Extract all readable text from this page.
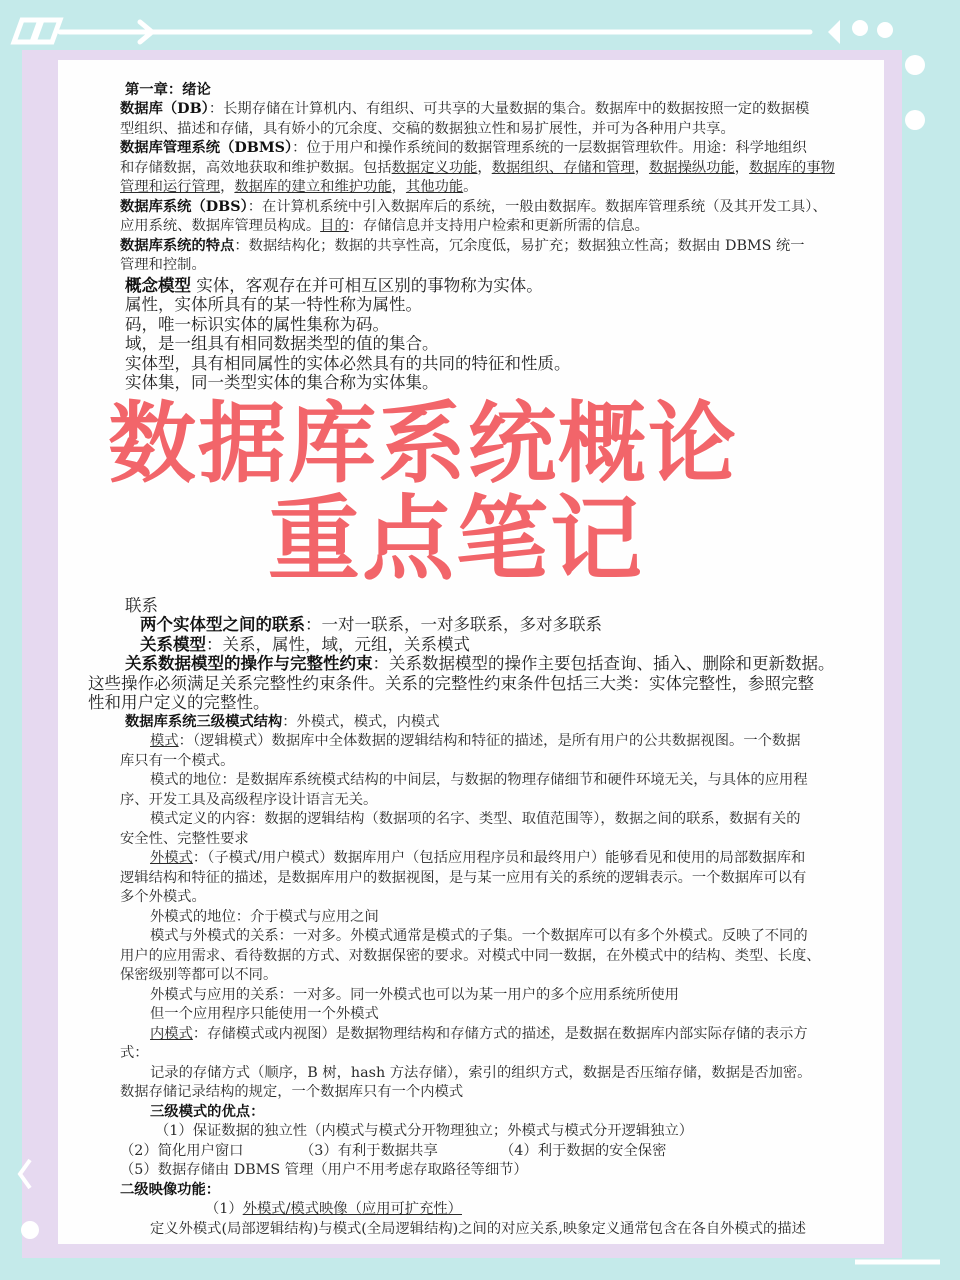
第一章：绪论
数据库（DB）：长期存储在计算机内、有组织、可共享的大量数据的集合。数据库中的数据按照一定的数据模
型组织、描述和存储，具有娇小的冗余度、交稿的数据独立性和易扩展性，并可为各种用户共享。
数据库管理系统（DBMS）：位于用户和操作系统间的数据管理系统的一层数据管理软件。用途：科学地组织
和存储数据，高效地获取和维护数据。包括数据定义功能，数据组织、存储和管理，数据操纵功能，数据库的事物
管理和运行管理，数据库的建立和维护功能，其他功能。
数据库系统（DBS）：在计算机系统中引入数据库后的系统，一般由数据库。数据库管理系统（及其开发工具）、
应用系统、数据库管理员构成。目的：存储信息并支持用户检索和更新所需的信息。
数据库系统的特点：数据结构化；数据的共享性高，冗余度低，易扩充；数据独立性高；数据由 DBMS 统一
管理和控制。
概念模型 实体，客观存在并可相互区别的事物称为实体。
属性，实体所具有的某一特性称为属性。
码，唯一标识实体的属性集称为码。
域，是一组具有相同数据类型的值的集合。
实体型，具有相同属性的实体必然具有的共同的特征和性质。
实体集，同一类型实体的集合称为实体集。
联系
两个实体型之间的联系：一对一联系，一对多联系，多对多联系
关系模型：关系，属性，域，元组，关系模式
关系数据模型的操作与完整性约束：关系数据模型的操作主要包括查询、插入、删除和更新数据。
这些操作必须满足关系完整性约束条件。关系的完整性约束条件包括三大类：实体完整性，参照完整
性和用户定义的完整性。
数据库系统三级模式结构：外模式，模式，内模式
模式：（逻辑模式）数据库中全体数据的逻辑结构和特征的描述，是所有用户的公共数据视图。一个数据
库只有一个模式。
模式的地位：是数据库系统模式结构的中间层，与数据的物理存储细节和硬件环境无关，与具体的应用程
序、开发工具及高级程序设计语言无关。
模式定义的内容：数据的逻辑结构（数据项的名字、类型、取值范围等），数据之间的联系，数据有关的
安全性、完整性要求
外模式：（子模式/用户模式）数据库用户（包括应用程序员和最终用户）能够看见和使用的局部数据库和
逻辑结构和特征的描述，是数据库用户的数据视图，是与某一应用有关的系统的逻辑表示。一个数据库可以有
多个外模式。
外模式的地位：介于模式与应用之间
模式与外模式的关系：一对多。外模式通常是模式的子集。一个数据库可以有多个外模式。反映了不同的
用户的应用需求、看待数据的方式、对数据保密的要求。对模式中同一数据，在外模式中的结构、类型、长度、
保密级别等都可以不同。
外模式与应用的关系：一对多。同一外模式也可以为某一用户的多个应用系统所使用
但一个应用程序只能使用一个外模式
内模式：存储模式或内视图）是数据物理结构和存储方式的描述，是数据在数据库内部实际存储的表示方
式：
记录的存储方式（顺序，B 树，hash 方法存储），索引的组织方式，数据是否压缩存储，数据是否加密。
数据存储记录结构的规定，一个数据库只有一个内模式
三级模式的优点：
（1）保证数据的独立性（内模式与模式分开物理独立；外模式与模式分开逻辑独立）
（2）简化用户窗口	（3）有利于数据共享	（4）利于数据的安全保密
（5）数据存储由 DBMS 管理（用户不用考虑存取路径等细节）
二级映像功能：
（1）外模式/模式映像（应用可扩充性）
定义外模式(局部逻辑结构)与模式(全局逻辑结构)之间的对应关系,映象定义通常包含在各自外模式的描述
数据库系统概论
重点笔记
